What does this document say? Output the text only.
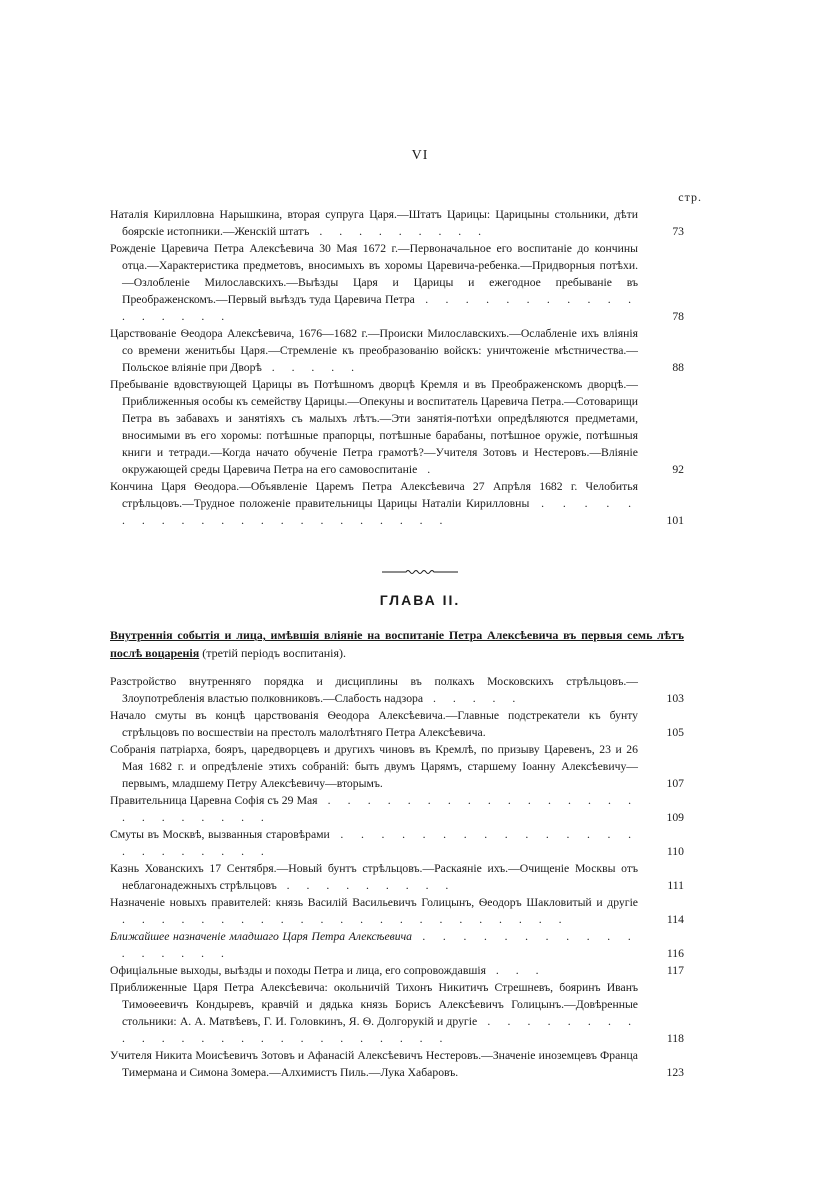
VI
стр.
Наталія Кирилловна Нарышкина, вторая супруга Царя.—Штатъ Царицы: Царицыны стольники, дѣти боярскіе истопники.—Женскій штатъ . . . . . . . . .	73
Рожденіе Царевича Петра Алексѣевича 30 Мая 1672 г.—Первоначальное его воспитаніе до кончины отца.—Характеристика предметовъ, вносимыхъ въ хоромы Царевича-ребенка.—Придворныя потѣхи.—Озлобленіе Милославскихъ.—Выѣзды Царя и Царицы и ежегодное пребываніе въ Преображенскомъ.—Первый выѣздъ туда Царевича Петра . . . . . . . . . . . . . . . . .	78
Царствованіе Ѳеодора Алексѣевича, 1676—1682 г.—Происки Милославскихъ.—Ослабленіе ихъ вліянія со времени женитьбы Царя.—Стремленіе къ преобразованію войскъ: уничтоженіе мѣстничества.—Польское вліяніе при Дворѣ . . . . .	88
Пребываніе вдовствующей Царицы въ Потѣшномъ дворцѣ Кремля и въ Преображенскомъ дворцѣ.—Приближенныя особы къ семейству Царицы.—Опекуны и воспитатель Царевича Петра.—Сотоварищи Петра въ забавахъ и занятіяхъ съ малыхъ лѣтъ.—Эти занятія-потѣхи опредѣляются предметами, вносимыми въ его хоромы: потѣшные прапорцы, потѣшные барабаны, потѣшное оружіе, потѣшныя книги и тетради.—Когда начато обученіе Петра грамотѣ?—Учителя Зотовъ и Нестеровъ.—Вліяніе окружающей среды Царевича Петра на его самовоспитаніе .	92
Кончина Царя Ѳеодора.—Объявленіе Царемъ Петра Алексѣевича 27 Апрѣля 1682 г. Челобитья стрѣльцовъ.—Трудное положеніе правительницы Царицы Наталіи Кирилловны . . . . . . . . . . . . . . . . . . . . . .	101
ГЛАВА II.
Внутреннія событія и лица, имѣвшія вліяніе на воспитаніе Петра Алексѣевича въ первыя семь лѣтъ послѣ воцаренія (третій періодъ воспитанія).
Разстройство внутренняго порядка и дисциплины въ полкахъ Московскихъ стрѣльцовъ.—Злоупотребленія властью полковниковъ.—Слабость надзора . . . . .	103
Начало смуты въ концѣ царствованія Ѳеодора Алексѣевича.—Главные подстрекатели къ бунту стрѣльцовъ по восшествіи на престолъ малолѣтняго Петра Алексѣевича.	105
Собранія патріарха, бояръ, царедворцевъ и другихъ чиновъ въ Кремлѣ, по призыву Царевенъ, 23 и 26 Мая 1682 г. и опредѣленіе этихъ собраній: быть двумъ Царямъ, старшему Іоанну Алексѣевичу—первымъ, младшему Петру Алексѣевичу—вторымъ.	107
Правительница Царевна Софія съ 29 Мая . . . . . . . . . . . . . . . . . . . . . . . .	109
Смуты въ Москвѣ, вызванныя старовѣрами . . . . . . . . . . . . . . . . . . . . . . .	110
Казнь Хованскихъ 17 Сентября.—Новый бунтъ стрѣльцовъ.—Раскаяніе ихъ.—Очищеніе Москвы отъ неблагонадежныхъ стрѣльцовъ . . . . . . . . .	111
Назначеніе новыхъ правителей: князь Василій Васильевичъ Голицынъ, Ѳеодоръ Шакловитый и другіе . . . . . . . . . . . . . . . . . . . . . . .	114
Ближайшее назначеніе младшаго Царя Петра Алексѣевича . . . . . . . . . . . . . . . . .	116
Офиціальные выходы, выѣзды и походы Петра и лица, его сопровождавшія . . .	117
Приближенные Царя Петра Алексѣевича: окольничій Тихонъ Никитичъ Стрешневъ, бояринъ Иванъ Тимоѳеевичъ Кондыревъ, кравчій и дядька князь Борисъ Алексѣевичъ Голицынъ.—Довѣренные стольники: А. А. Матвѣевъ, Г. И. Головкинъ, Я. Ѳ. Долгорукій и другіе . . . . . . . . . . . . . . . . . . . . . . . . .	118
Учителя Никита Моисѣевичъ Зотовъ и Афанасій Алексѣевичъ Нестеровъ.—Значеніе иноземцевъ Франца Тимермана и Симона Зомера.—Алхимистъ Пиль.—Лука Хабаровъ.	123
